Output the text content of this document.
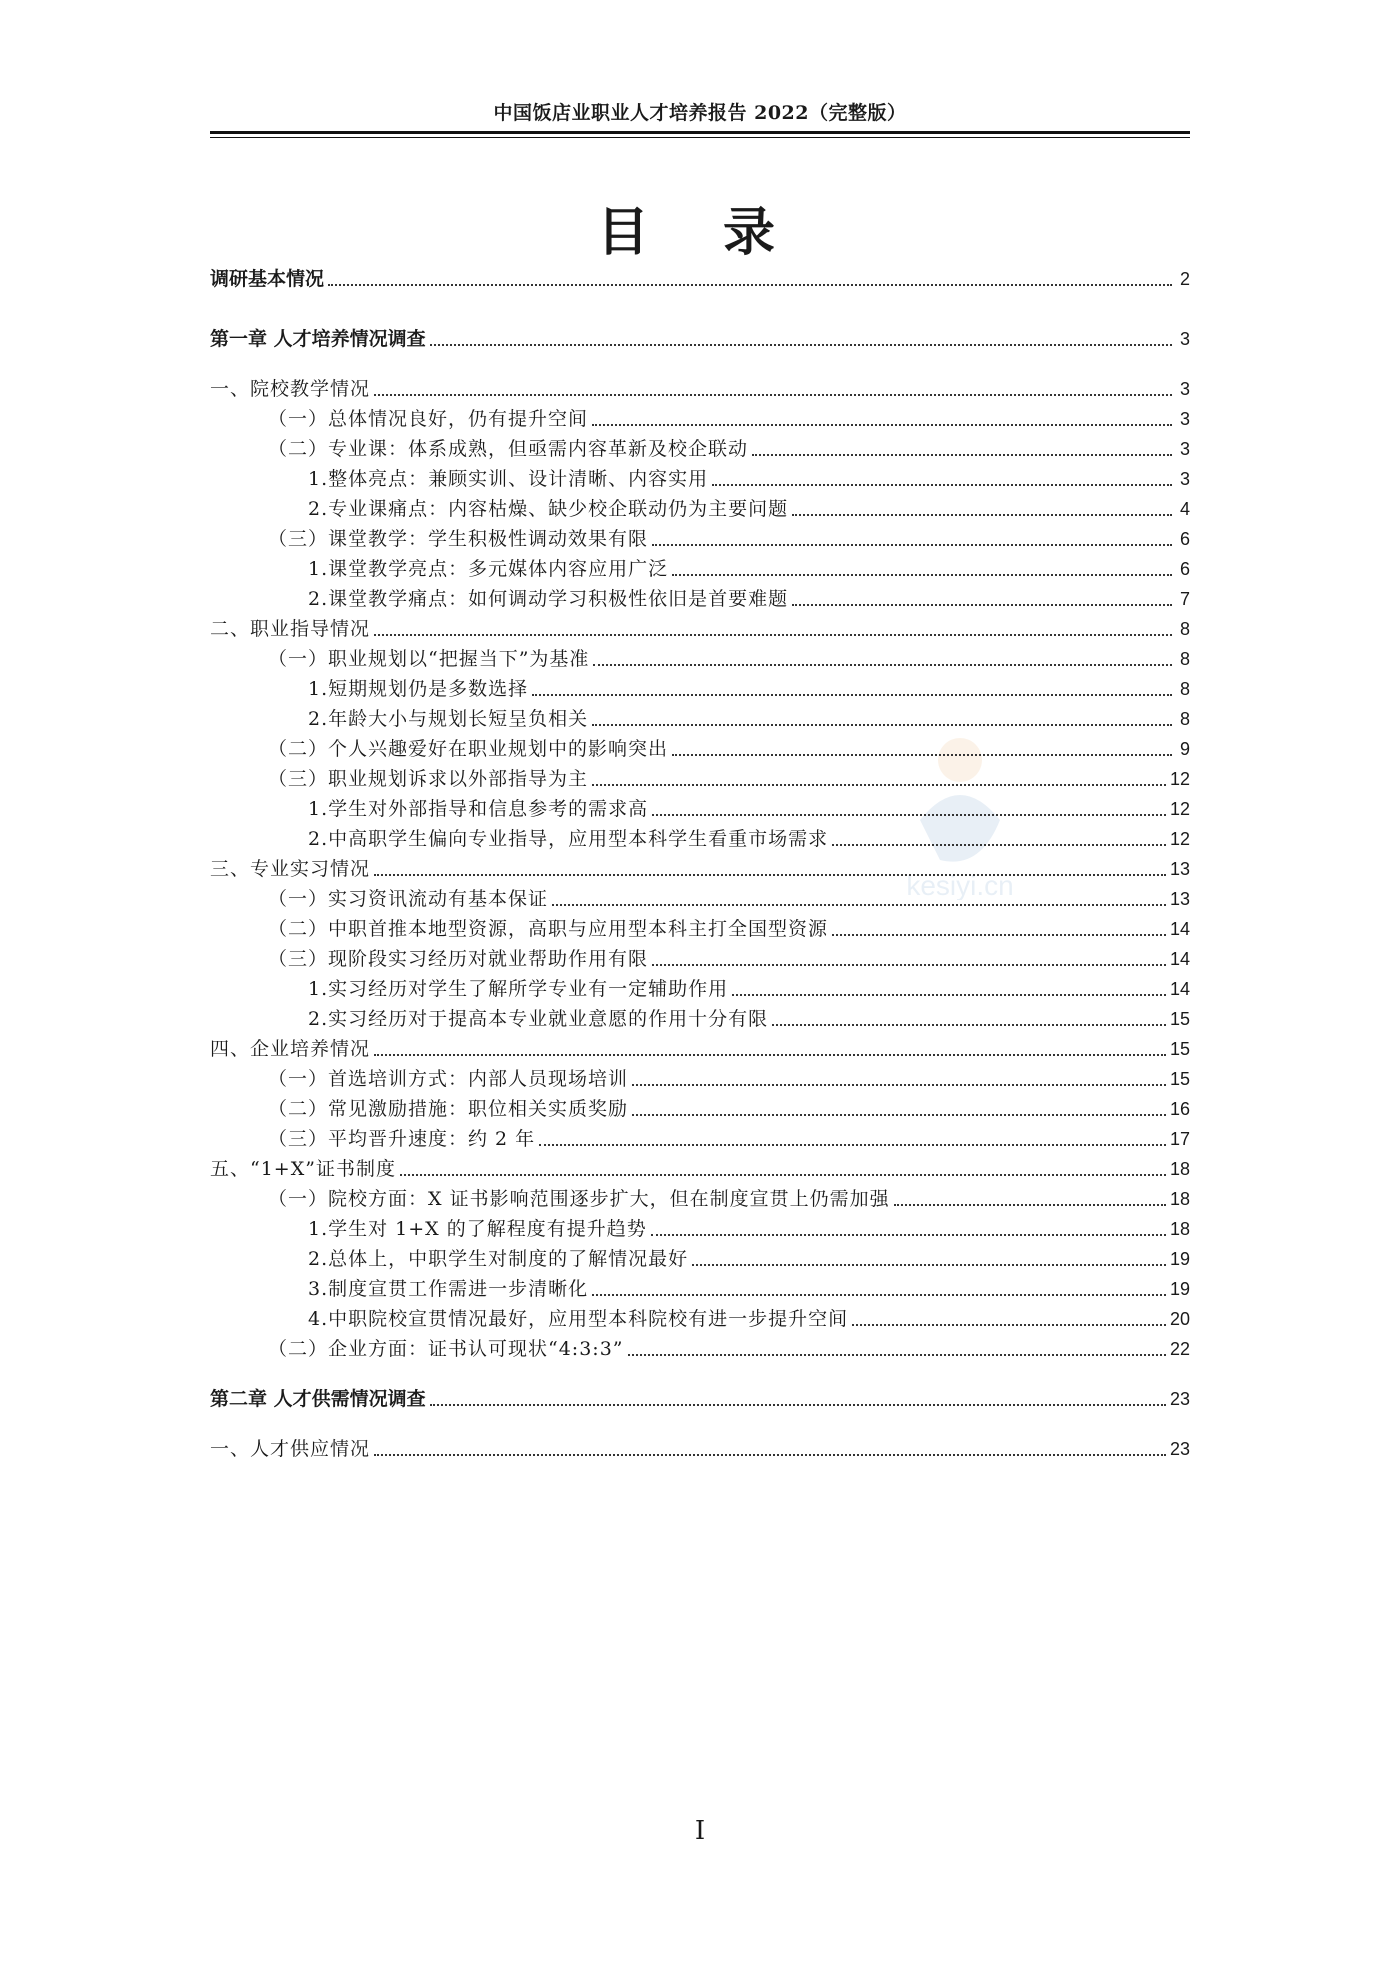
中国饭店业职业人才培养报告 2022（完整版）
目 录
kesiyi.cn
调研基本情况	2
第一章 人才培养情况调查	3
一、院校教学情况	3
（一）总体情况良好，仍有提升空间	3
（二）专业课：体系成熟，但亟需内容革新及校企联动	3
1.整体亮点：兼顾实训、设计清晰、内容实用	3
2.专业课痛点：内容枯燥、缺少校企联动仍为主要问题	4
（三）课堂教学：学生积极性调动效果有限	6
1.课堂教学亮点：多元媒体内容应用广泛	6
2.课堂教学痛点：如何调动学习积极性依旧是首要难题	7
二、职业指导情况	8
（一）职业规划以“把握当下”为基准	8
1.短期规划仍是多数选择	8
2.年龄大小与规划长短呈负相关	8
（二）个人兴趣爱好在职业规划中的影响突出	9
（三）职业规划诉求以外部指导为主	12
1.学生对外部指导和信息参考的需求高	12
2.中高职学生偏向专业指导，应用型本科学生看重市场需求	12
三、专业实习情况	13
（一）实习资讯流动有基本保证	13
（二）中职首推本地型资源，高职与应用型本科主打全国型资源	14
（三）现阶段实习经历对就业帮助作用有限	14
1.实习经历对学生了解所学专业有一定辅助作用	14
2.实习经历对于提高本专业就业意愿的作用十分有限	15
四、企业培养情况	15
（一）首选培训方式：内部人员现场培训	15
（二）常见激励措施：职位相关实质奖励	16
（三）平均晋升速度：约 2 年	17
五、“1+X”证书制度	18
（一）院校方面：X 证书影响范围逐步扩大，但在制度宣贯上仍需加强	18
1.学生对 1+X 的了解程度有提升趋势	18
2.总体上，中职学生对制度的了解情况最好	19
3.制度宣贯工作需进一步清晰化	19
4.中职院校宣贯情况最好，应用型本科院校有进一步提升空间	20
（二）企业方面：证书认可现状“4:3:3”	22
第二章 人才供需情况调查	23
一、人才供应情况	23
I
